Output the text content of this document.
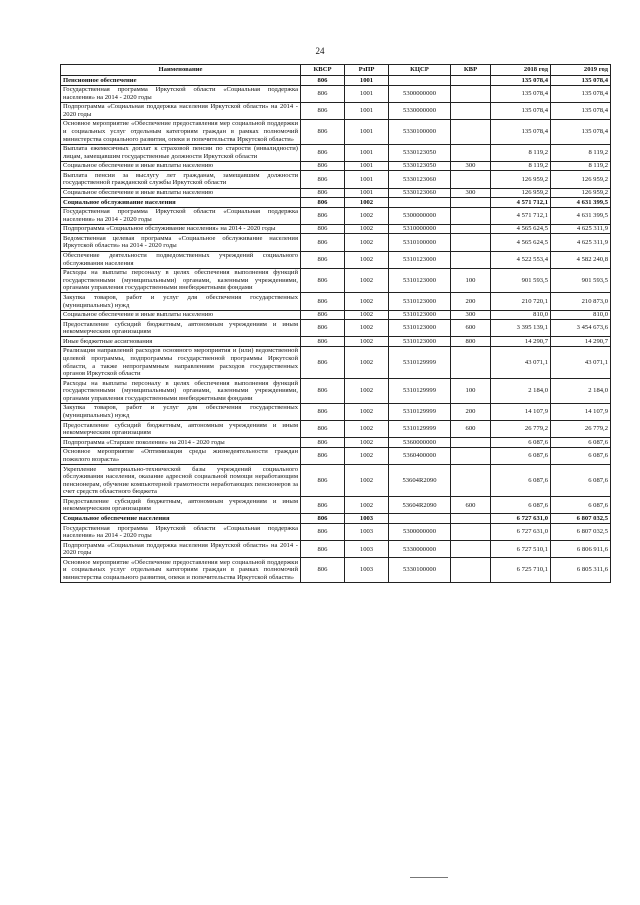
24
Наименование	КВСР	РзПР	КЦСР	КВР	2018 год	2019 год
Пенсионное обеспечение	806	1001			135 078,4	135 078,4
Государственная программа Иркутской области «Социальная поддержка населения» на 2014 - 2020 годы	806	1001	5300000000		135 078,4	135 078,4
Подпрограмма «Социальная поддержка населения Иркутской области» на 2014 - 2020 годы	806	1001	5330000000		135 078,4	135 078,4
Основное мероприятие «Обеспечение предоставления мер социальной поддержки и социальных услуг отдельным категориям граждан в рамках полномочий министерства социального развития, опеки и попечительства Иркутской области»	806	1001	5330100000		135 078,4	135 078,4
Выплата ежемесячных доплат к страховой пенсии по старости (инвалидности) лицам, замещавшим государственные должности Иркутской области	806	1001	5330123050		8 119,2	8 119,2
Социальное обеспечение и иные выплаты населению	806	1001	5330123050	300	8 119,2	8 119,2
Выплата пенсии за выслугу лет гражданам, замещавшим должности государственной гражданской службы Иркутской области	806	1001	5330123060		126 959,2	126 959,2
Социальное обеспечение и иные выплаты населению	806	1001	5330123060	300	126 959,2	126 959,2
Социальное обслуживание населения	806	1002			4 571 712,1	4 631 399,5
Государственная программа Иркутской области «Социальная поддержка населения» на 2014 - 2020 годы	806	1002	5300000000		4 571 712,1	4 631 399,5
Подпрограмма «Социальное обслуживание населения» на 2014 - 2020 годы	806	1002	5310000000		4 565 624,5	4 625 311,9
Ведомственная целевая программа «Социальное обслуживание населения Иркутской области» на 2014 - 2020 годы	806	1002	5310100000		4 565 624,5	4 625 311,9
Обеспечение деятельности подведомственных учреждений социального обслуживания населения	806	1002	5310123000		4 522 553,4	4 582 240,8
Расходы на выплаты персоналу в целях обеспечения выполнения функций государственными (муниципальными) органами, казенными учреждениями, органами управления государственными внебюджетными фондами	806	1002	5310123000	100	901 593,5	901 593,5
Закупка товаров, работ и услуг для обеспечения государственных (муниципальных) нужд	806	1002	5310123000	200	210 720,1	210 873,0
Социальное обеспечение и иные выплаты населению	806	1002	5310123000	300	810,0	810,0
Предоставление субсидий бюджетным, автономным учреждениям и иным некоммерческим организациям	806	1002	5310123000	600	3 395 139,1	3 454 673,6
Иные бюджетные ассигнования	806	1002	5310123000	800	14 290,7	14 290,7
Реализация направлений расходов основного мероприятия и (или) ведомственной целевой программы, подпрограммы государственной программы Иркутской области, а также непрограммным направлениям расходов государственных органов Иркутской области	806	1002	5310129999		43 071,1	43 071,1
Расходы на выплаты персоналу в целях обеспечения выполнения функций государственными (муниципальными) органами, казенными учреждениями, органами управления государственными внебюджетными фондами	806	1002	5310129999	100	2 184,0	2 184,0
Закупка товаров, работ и услуг для обеспечения государственных (муниципальных) нужд	806	1002	5310129999	200	14 107,9	14 107,9
Предоставление субсидий бюджетным, автономным учреждениям и иным некоммерческим организациям	806	1002	5310129999	600	26 779,2	26 779,2
Подпрограмма «Старшее поколение» на 2014 - 2020 годы	806	1002	5360000000		6 087,6	6 087,6
Основное мероприятие «Оптимизация среды жизнедеятельности граждан пожилого возраста»	806	1002	5360400000		6 087,6	6 087,6
Укрепление материально-технической базы учреждений социального обслуживания населения, оказание адресной социальной помощи неработающим пенсионерам, обучение компьютерной грамотности неработающих пенсионеров за счет средств областного бюджета	806	1002	53604R2090		6 087,6	6 087,6
Предоставление субсидий бюджетным, автономным учреждениям и иным некоммерческим организациям	806	1002	53604R2090	600	6 087,6	6 087,6
Социальное обеспечение населения	806	1003			6 727 631,0	6 807 032,5
Государственная программа Иркутской области «Социальная поддержка населения» на 2014 - 2020 годы	806	1003	5300000000		6 727 631,0	6 807 032,5
Подпрограмма «Социальная поддержка населения Иркутской области» на 2014 - 2020 годы	806	1003	5330000000		6 727 510,1	6 806 911,6
Основное мероприятие «Обеспечение предоставления мер социальной поддержки и социальных услуг отдельным категориям граждан в рамках полномочий министерства социального развития, опеки и попечительства Иркутской области»	806	1003	5330100000		6 725 710,1	6 805 311,6
